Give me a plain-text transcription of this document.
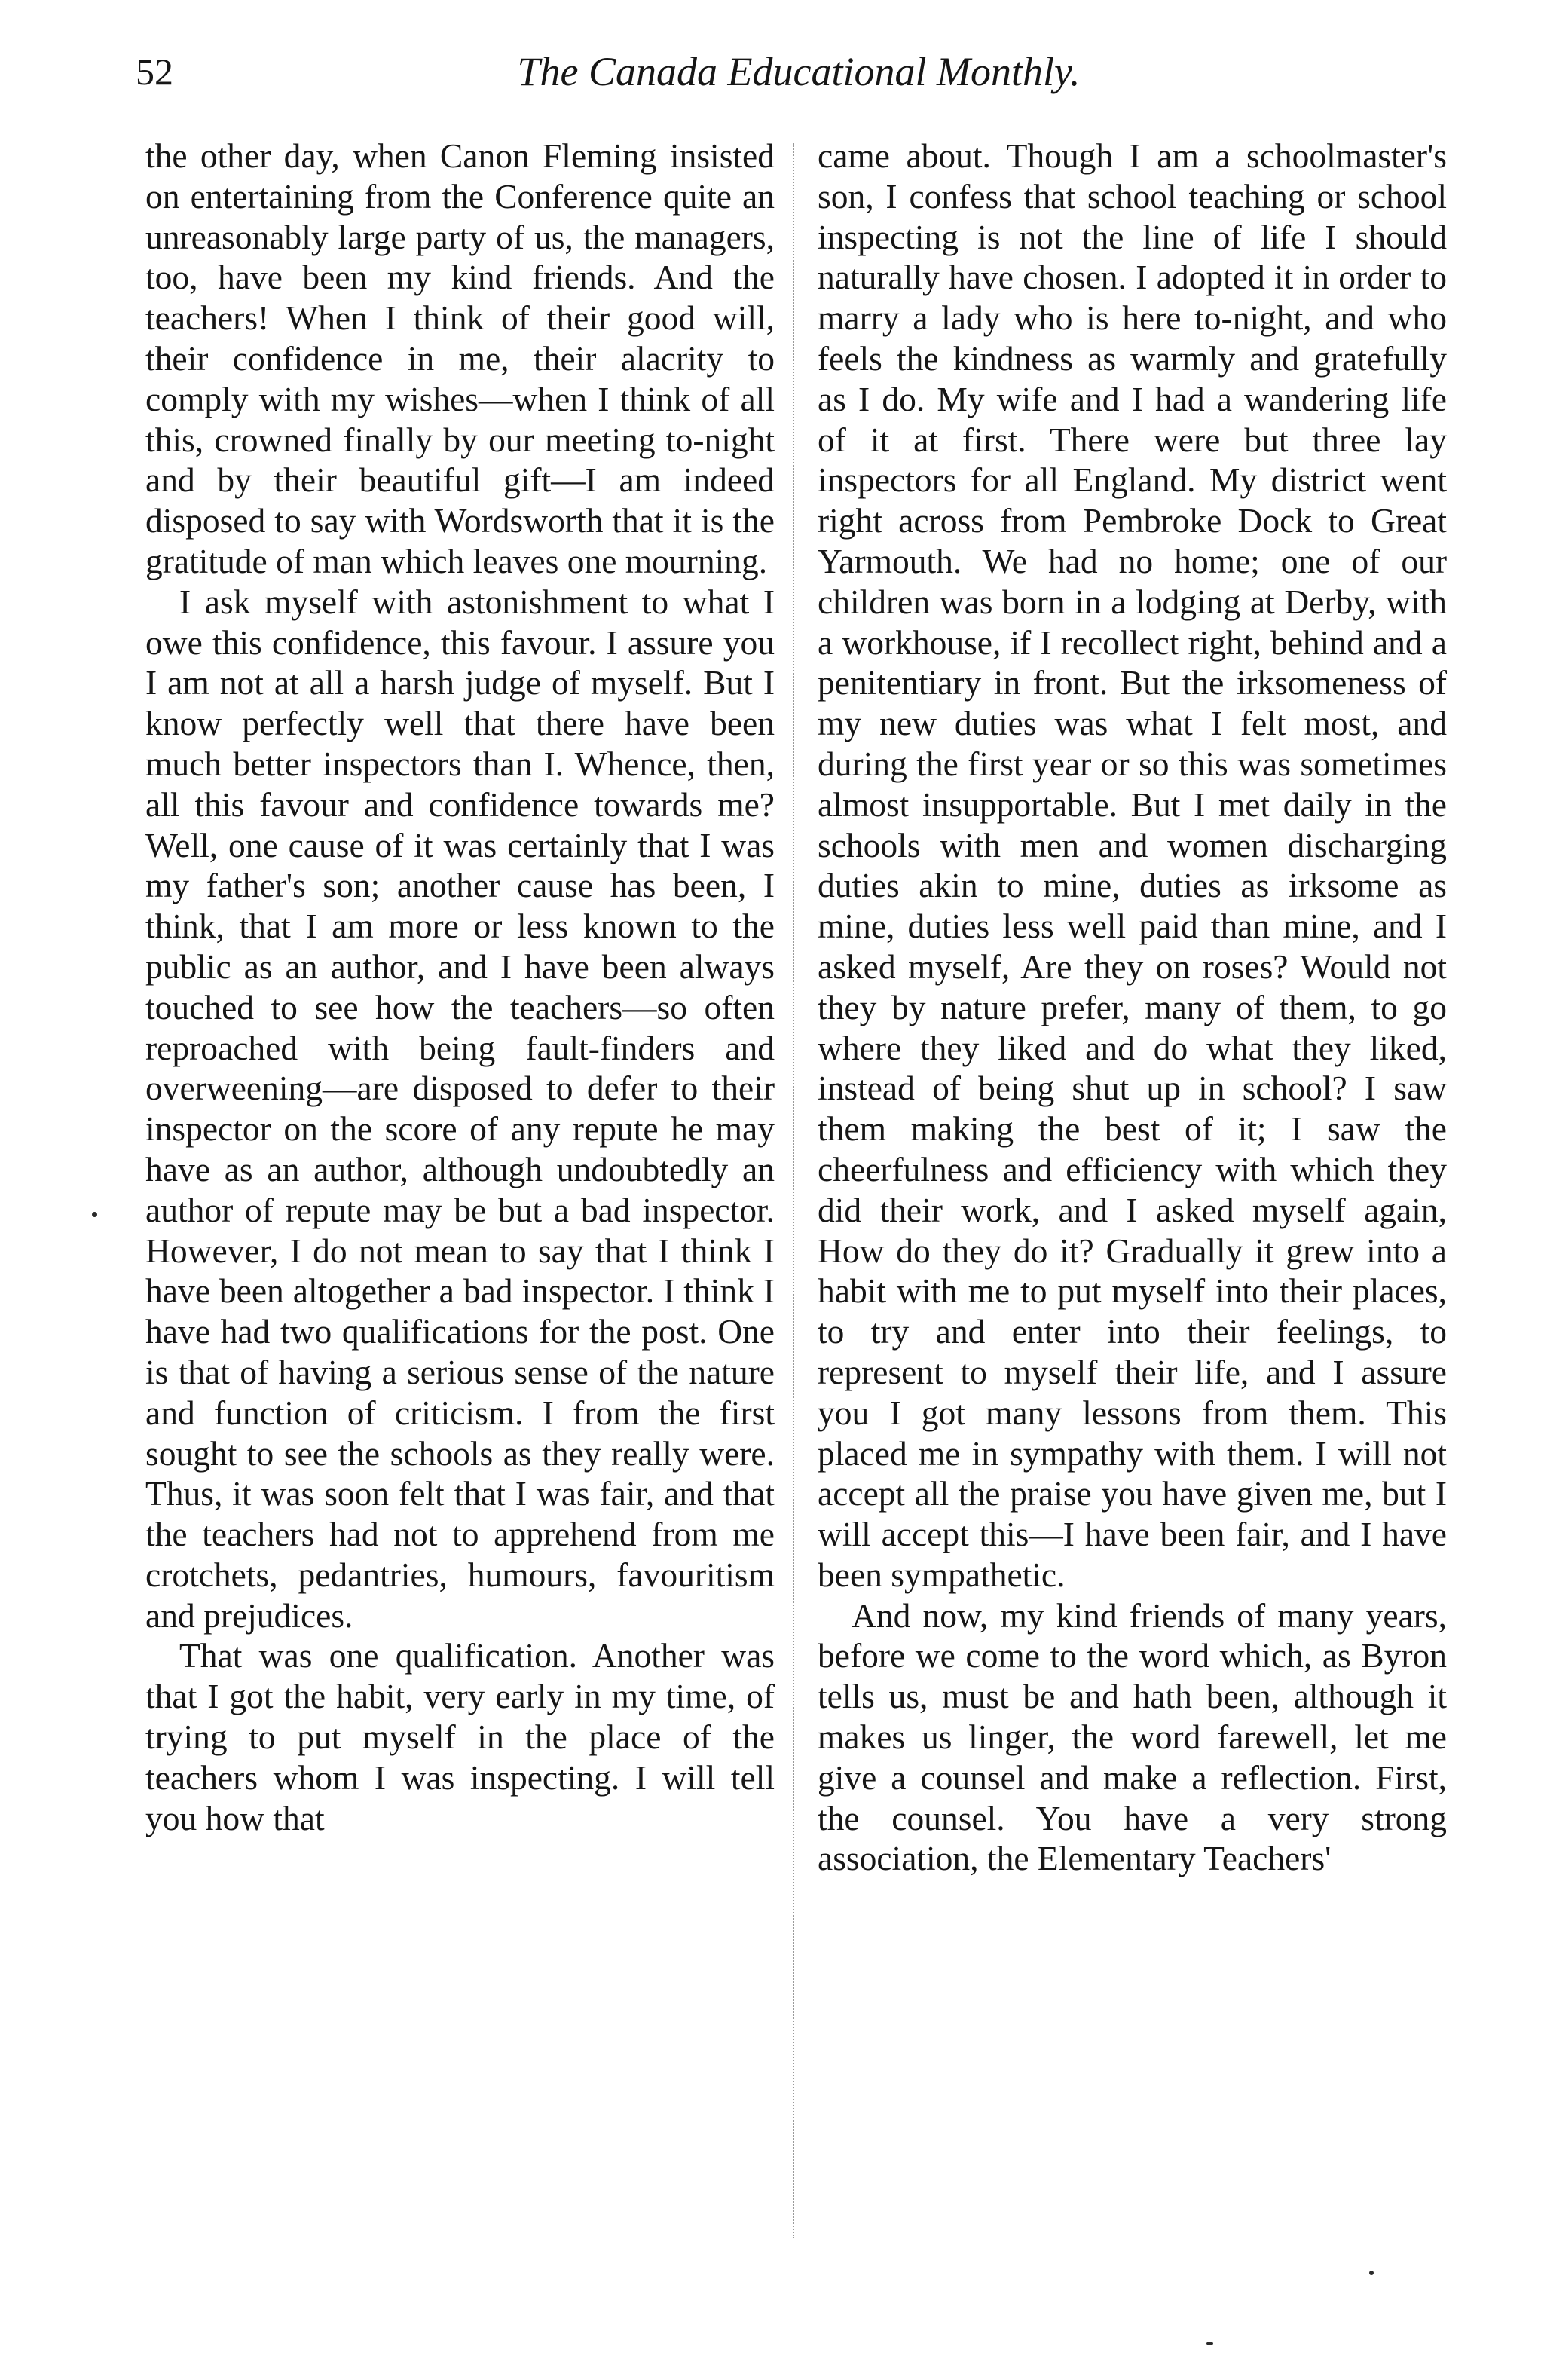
52	The Canada Educational Monthly.

the other day, when Canon Fleming insisted on entertaining from the Conference quite an unreasonably large party of us, the managers, too, have been my kind friends. And the teachers! When I think of their good will, their confidence in me, their alacrity to comply with my wishes—when I think of all this, crowned finally by our meeting to-night and by their beautiful gift—I am indeed disposed to say with Wordsworth that it is the gratitude of man which leaves one mourning.

I ask myself with astonishment to what I owe this confidence, this favour. I assure you I am not at all a harsh judge of myself. But I know perfectly well that there have been much better inspectors than I. Whence, then, all this favour and confidence towards me? Well, one cause of it was certainly that I was my father's son; another cause has been, I think, that I am more or less known to the public as an author, and I have been always touched to see how the teachers—so often reproached with being fault-finders and overweening—are disposed to defer to their inspector on the score of any repute he may have as an author, although undoubtedly an author of repute may be but a bad inspector. However, I do not mean to say that I think I have been altogether a bad inspector. I think I have had two qualifications for the post. One is that of having a serious sense of the nature and function of criticism. I from the first sought to see the schools as they really were. Thus, it was soon felt that I was fair, and that the teachers had not to apprehend from me crotchets, pedantries, humours, favouritism and prejudices.

That was one qualification. Another was that I got the habit, very early in my time, of trying to put myself in the place of the teachers whom I was inspecting. I will tell you how that

came about. Though I am a schoolmaster's son, I confess that school teaching or school inspecting is not the line of life I should naturally have chosen. I adopted it in order to marry a lady who is here to-night, and who feels the kindness as warmly and gratefully as I do. My wife and I had a wandering life of it at first. There were but three lay inspectors for all England. My district went right across from Pembroke Dock to Great Yarmouth. We had no home; one of our children was born in a lodging at Derby, with a workhouse, if I recollect right, behind and a penitentiary in front. But the irksomeness of my new duties was what I felt most, and during the first year or so this was sometimes almost insupportable. But I met daily in the schools with men and women discharging duties akin to mine, duties as irksome as mine, duties less well paid than mine, and I asked myself, Are they on roses? Would not they by nature prefer, many of them, to go where they liked and do what they liked, instead of being shut up in school? I saw them making the best of it; I saw the cheerfulness and efficiency with which they did their work, and I asked myself again, How do they do it? Gradually it grew into a habit with me to put myself into their places, to try and enter into their feelings, to represent to myself their life, and I assure you I got many lessons from them. This placed me in sympathy with them. I will not accept all the praise you have given me, but I will accept this—I have been fair, and I have been sympathetic.

And now, my kind friends of many years, before we come to the word which, as Byron tells us, must be and hath been, although it makes us linger, the word farewell, let me give a counsel and make a reflection. First, the counsel. You have a very strong association, the Elementary Teachers'
